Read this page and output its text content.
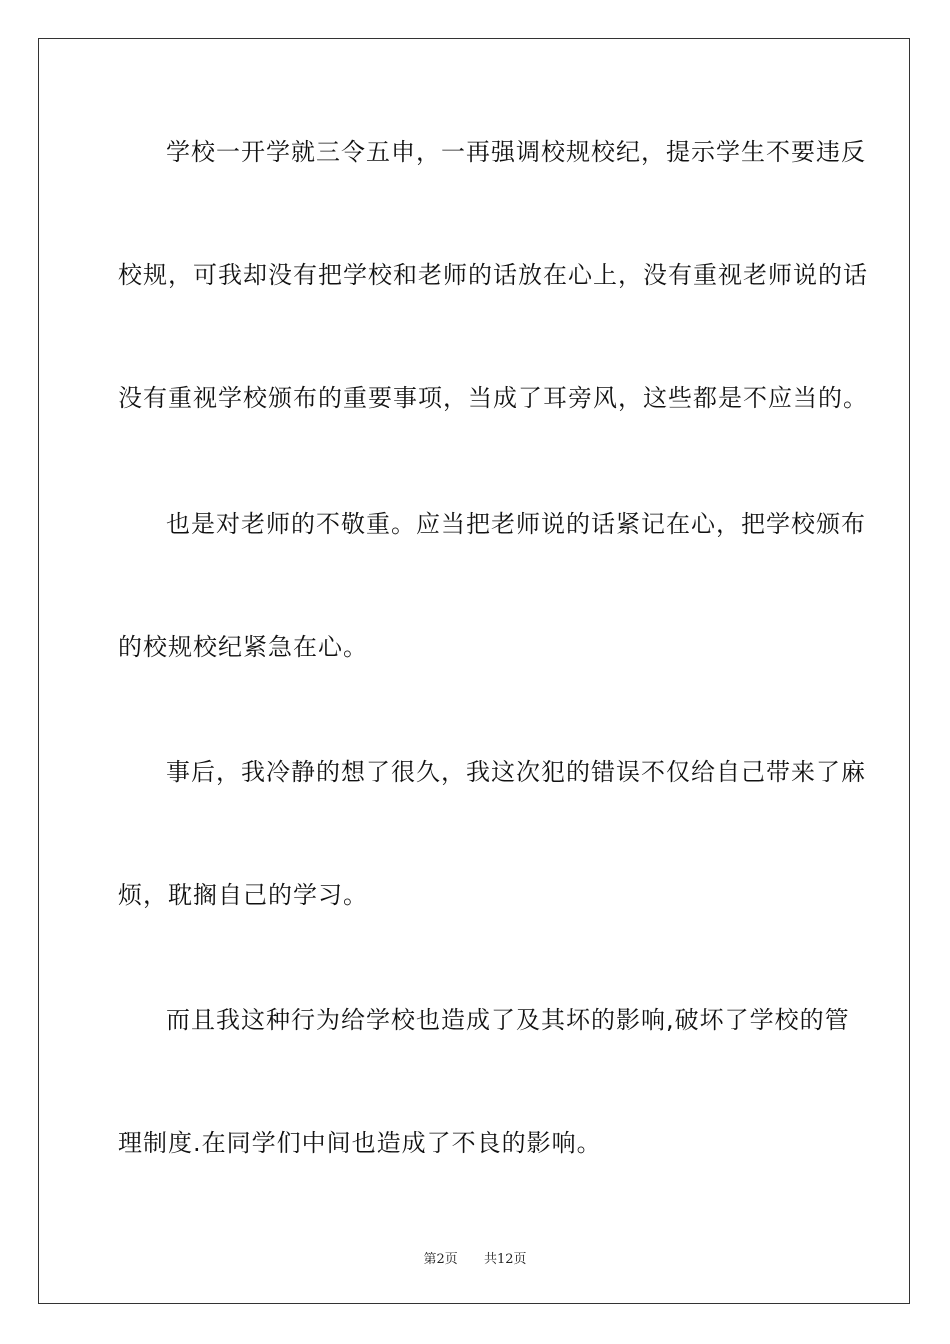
学校一开学就三令五申，一再强调校规校纪，提示学生不要违反
校规，可我却没有把学校和老师的话放在心上，没有重视老师说的话
没有重视学校颁布的重要事项，当成了耳旁风，这些都是不应当的。
也是对老师的不敬重。应当把老师说的话紧记在心，把学校颁布
的校规校纪紧急在心。
事后，我冷静的想了很久，我这次犯的错误不仅给自己带来了麻
烦，耽搁自己的学习。
而且我这种行为给学校也造成了及其坏的影响,破坏了学校的管
理制度.在同学们中间也造成了不良的影响。
第2页 共12页
